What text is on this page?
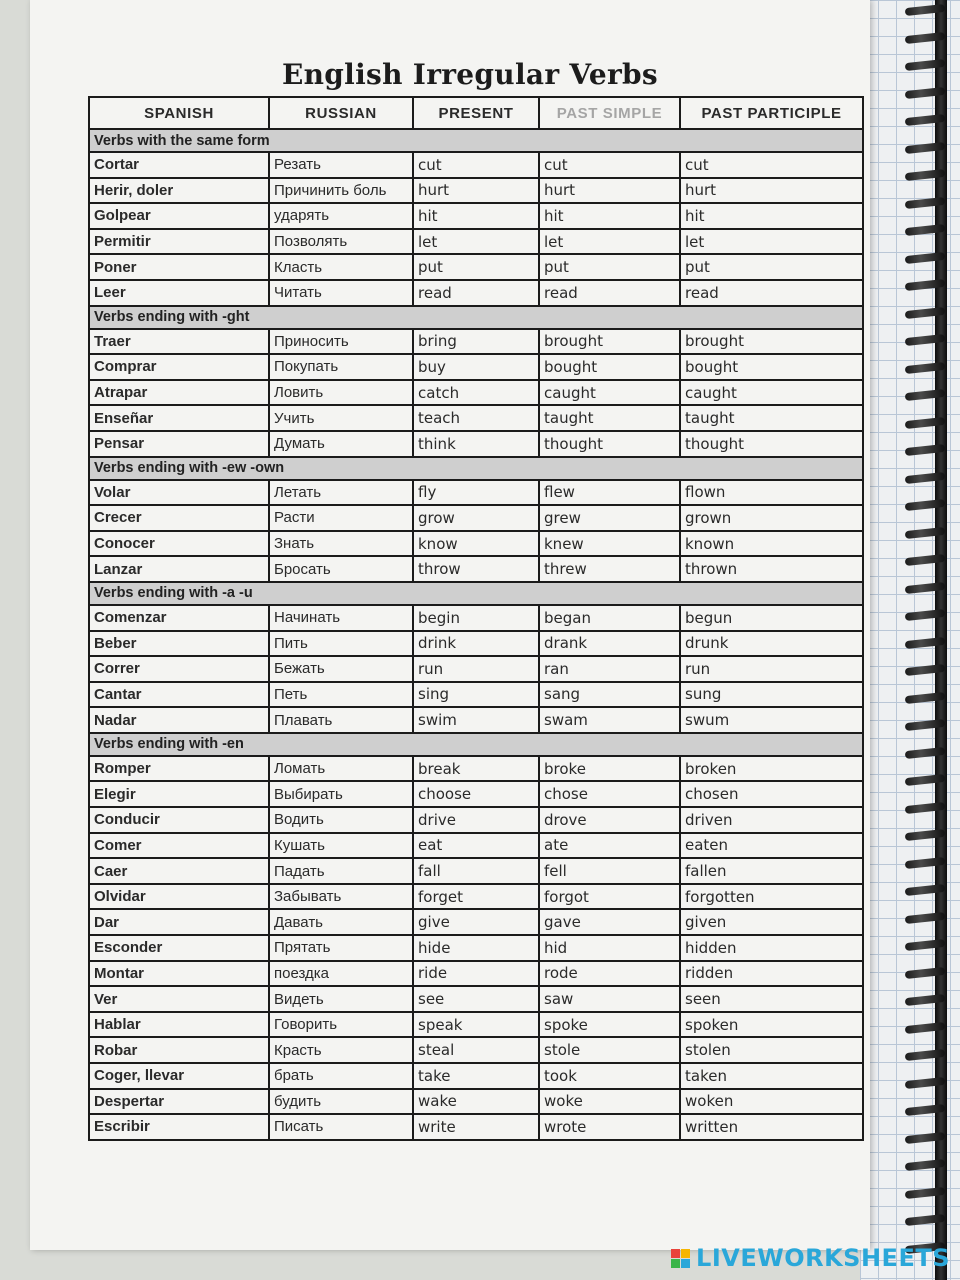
English Irregular Verbs
SPANISH	RUSSIAN	PRESENT	PAST SIMPLE	PAST PARTICIPLE
Verbs with the same form				
Cortar	Резать	cut	cut	cut
Herir, doler	Причинить боль	hurt	hurt	hurt
Golpear	ударять	hit	hit	hit
Permitir	Позволять	let	let	let
Poner	Класть	put	put	put
Leer	Читать	read	read	read
Verbs ending with -ght				
Traer	Приносить	bring	brought	brought
Comprar	Покупать	buy	bought	bought
Atrapar	Ловить	catch	caught	caught
Enseñar	Учить	teach	taught	taught
Pensar	Думать	think	thought	thought
Verbs ending with -ew -own				
Volar	Летать	fly	flew	flown
Crecer	Расти	grow	grew	grown
Conocer	Знать	know	knew	known
Lanzar	Бросать	throw	threw	thrown
Verbs ending with -a -u				
Comenzar	Начинать	begin	began	begun
Beber	Пить	drink	drank	drunk
Correr	Бежать	run	ran	run
Cantar	Петь	sing	sang	sung
Nadar	Плавать	swim	swam	swum
Verbs ending with -en				
Romper	Ломать	break	broke	broken
Elegir	Выбирать	choose	chose	chosen
Conducir	Водить	drive	drove	driven
Comer	Кушать	eat	ate	eaten
Caer	Падать	fall	fell	fallen
Olvidar	Забывать	forget	forgot	forgotten
Dar	Давать	give	gave	given
Esconder	Прятать	hide	hid	hidden
Montar	поездка	ride	rode	ridden
Ver	Видеть	see	saw	seen
Hablar	Говорить	speak	spoke	spoken
Robar	Красть	steal	stole	stolen
Coger, llevar	брать	take	took	taken
Despertar	будить	wake	woke	woken
Escribir	Писать	write	wrote	written
LIVEWORKSHEETS
